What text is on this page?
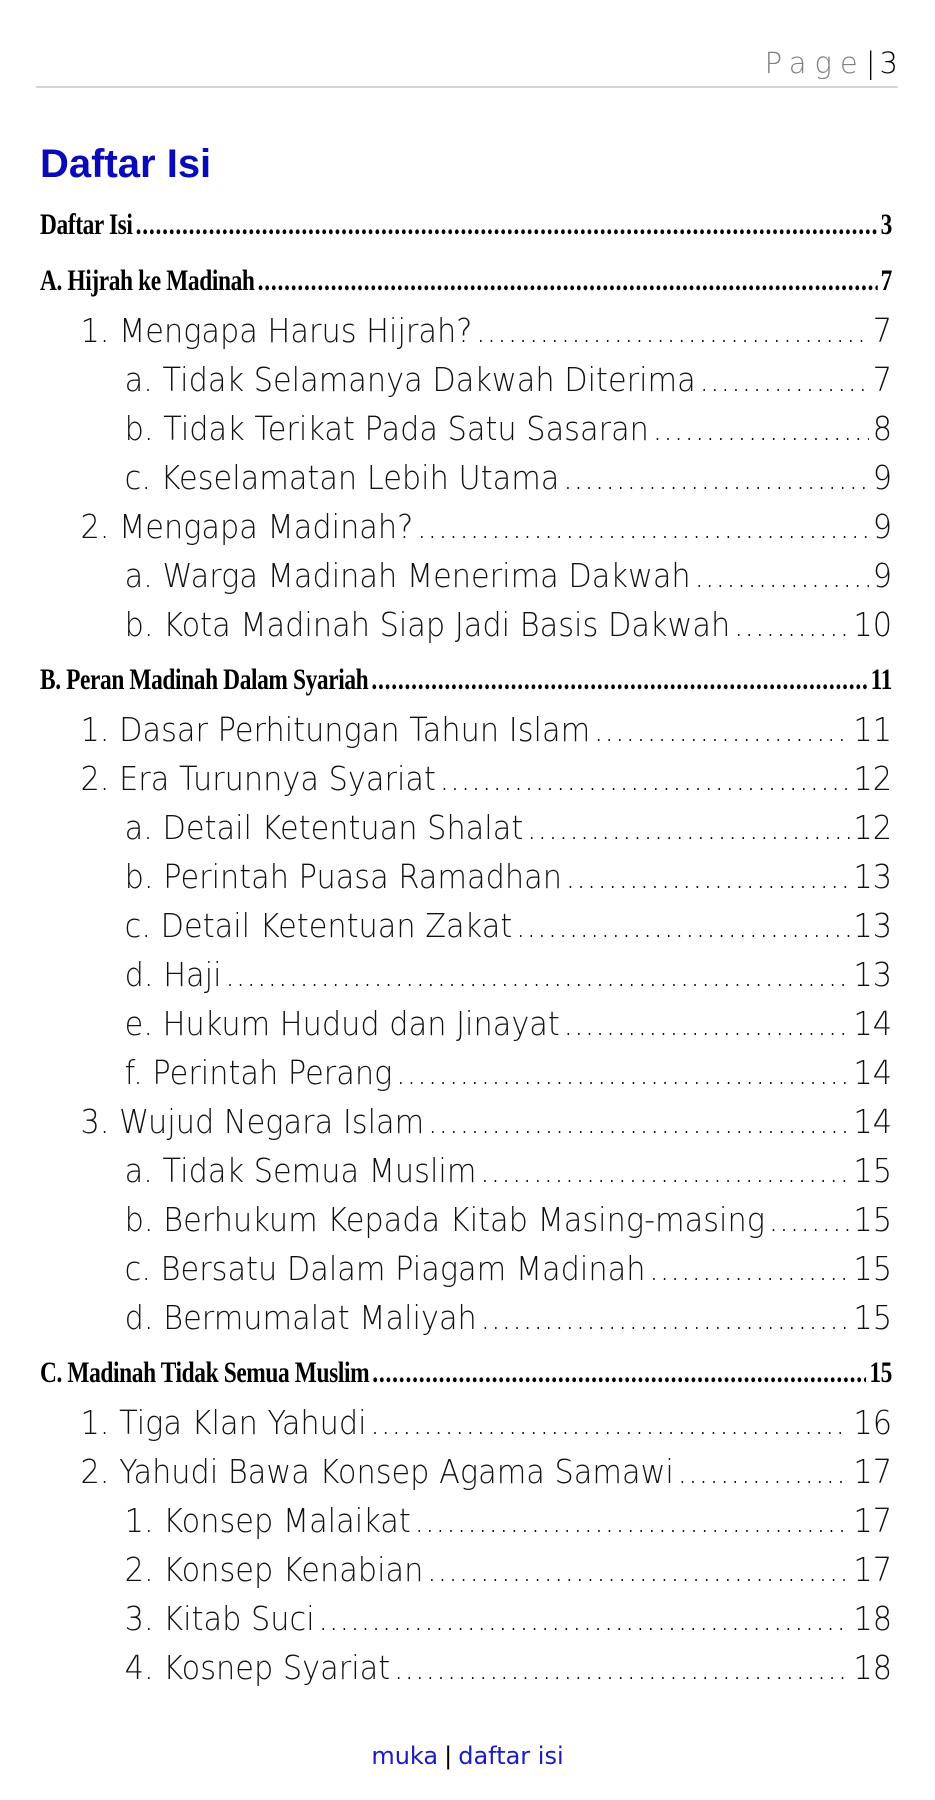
Page| 3
Daftar Isi
Daftar Isi .....	3
A. Hijrah ke Madinah .....	7
1. Mengapa Harus Hijrah? .....	7
a. Tidak Selamanya Dakwah Diterima .....	7
b. Tidak Terikat Pada Satu Sasaran .....	8
c. Keselamatan Lebih Utama .....	9
2. Mengapa Madinah? .....	9
a. Warga Madinah Menerima Dakwah .....	9
b. Kota Madinah Siap Jadi Basis Dakwah .....	10
B. Peran Madinah Dalam Syariah .....	11
1. Dasar Perhitungan Tahun Islam .....	11
2. Era Turunnya Syariat .....	12
a. Detail Ketentuan Shalat .....	12
b. Perintah Puasa Ramadhan .....	13
c. Detail Ketentuan Zakat .....	13
d. Haji .....	13
e. Hukum Hudud dan Jinayat .....	14
f. Perintah Perang .....	14
3. Wujud Negara Islam .....	14
a. Tidak Semua Muslim .....	15
b. Berhukum Kepada Kitab Masing-masing .....	15
c. Bersatu Dalam Piagam Madinah .....	15
d. Bermumalat Maliyah .....	15
C. Madinah Tidak Semua Muslim .....	15
1. Tiga Klan Yahudi .....	16
2. Yahudi Bawa Konsep Agama Samawi .....	17
1. Konsep Malaikat .....	17
2. Konsep Kenabian .....	17
3. Kitab Suci .....	18
4. Kosnep Syariat .....	18
muka | daftar isi
